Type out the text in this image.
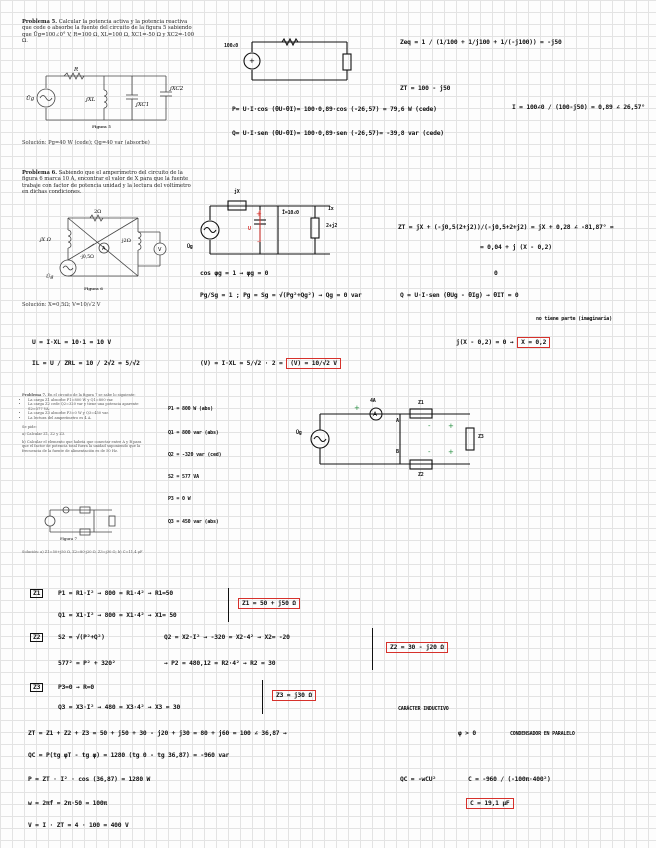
Problema 5. Calcular la potencia activa y la potencia reactiva que cede o absorbe la fuente del circuito de la figura 5 sabiendo que Ūg=100∠0° V, R=100 Ω, XL=100 Ω, XC1=-50 Ω y XC2=-100 Ω.
R
Ūg	jXL
jXC1
jXC2
Figura 5
Solución: Pg=40 W (cede); Qg=40 var (absorbe)
+
100∠0	Zeq = 1 / (1/100 + 1/j100 + 1/(-j100)) = -j50
ZT = 100 - j50
P= U·I·cos (θU-θI)= 100·0,89·cos (-26,57) = 79,6 W (cede)	I = 100∠0 / (100-j50) = 0,89 ∠ 26,57°
Q= U·I·sen (θU-θI)= 100·0,89·sen (-26,57)= -39,8 var (cede)
Problema 6. Sabiendo que el amperímetro del circuito de la figura 6 marca 10 A, encontrar el valor de X para que la fuente trabaje con factor de potencia unidad y la lectura del voltímetro en dichas condiciones.
A	V
2Ω
jX Ω
-j0,5Ω
j2Ω
Ūg
Figura 6
Solución: X=0,5Ω; V=10/√2 V
+
-
jX
U
Ī=10∠0
Ix
2+j2
Ūg
ZT = jX + (-j0,5(2+j2))/(-j0,5+2+j2) = jX + 0,28 ∠ -81,87° =
= 0,04 + j (X - 0,2)
cos φg = 1 → φg = 0
Pg/Sg = 1 ; Pg = Sg = √(Pg²+Qg²) → Qg = 0 var
0
Q = U·I·sen (θUg - θIg) → θIT = 0
no tiene parte (imaginaria)
U = I·XL = 10·1 = 10 V	j(X - 0,2) = 0 → X = 0,2
IL = U / ZRL = 10 / 2√2 = 5/√2	(V) = I·XL = 5/√2 · 2 = (V) = 10/√2 V
Problema 7. En el circuito de la figura 7 se sabe lo siguiente:
• La carga Z1 absorbe P1=800 W y Q1=800 var.
• La carga Z2 cede Q2=320 var y tiene una potencia aparente S2=577 VA.
• La carga Z3 absorbe P3=0 W y Q3=450 var.
• La lectura del amperímetro es 4 A.
Se pide:
a) Calcular Z1, Z2 y Z3.
b) Calcular el elemento que habría que conectar entre A y B para que el factor de potencia total fuera la unidad suponiendo que la frecuencia de la fuente de alimentación es de 50 Hz.
Figura 7
Solución: a) Z1=50+j50 Ω, Z2=80-j20 Ω, Z3=j30 Ω; b) C=11,4 μF
P1 = 800 W (abs)
Q1 = 800 var (abs)
Q2 = -320 var (ced)
S2 = 577 VA
P3 = 0 W
Q3 = 450 var (abs)
+
- +
- +
A
4A	Z1
Z3
Z2
A
B
Ūg
Z1	P1 = R1·I² → 800 = R1·4² → R1=50
Q1 = X1·I² → 800 = X1·4² → X1= 50
Z1 = 50 + j50 Ω
Z2	S2 = √(P²+Q²)	Q2 = X2·I² → -320 = X2·4² → X2= -20
577² = P² + 320²	→ P2 = 480,12 = R2·4² → R2 = 30
Z2 = 30 - j20 Ω
Z3	P3=0 → R=0
Q3 = X3·I² → 480 = X3·4² → X3 = 30
Z3 = j30 Ω
CARÁCTER INDUCTIVO
ZT = Z1 + Z2 + Z3 = 50 + j50 + 30 - j20 + j30 = 80 + j60 = 100 ∠ 36,87 →	φ > 0	CONDENSADOR EN PARALELO
QC = P(tg φT - tg φ) = 1280 (tg 0 - tg 36,87) = -960 var
P = ZT · I² · cos (36,87) = 1280 W	QC = -wCU²	C = -960 / (-100π·400²)
w = 2πf = 2π·50 = 100π	C = 19,1 μF
V = I · ZT = 4 · 100 = 400 V
